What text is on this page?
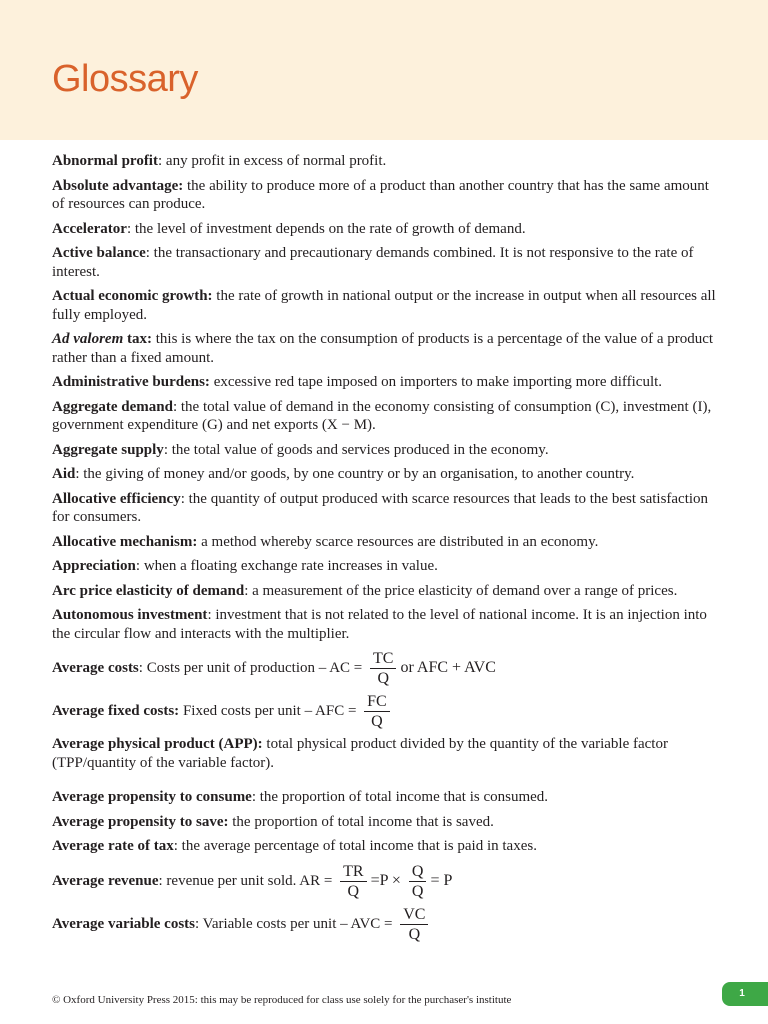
Glossary
Abnormal profit: any profit in excess of normal profit.
Absolute advantage: the ability to produce more of a product than another country that has the same amount of resources can produce.
Accelerator: the level of investment depends on the rate of growth of demand.
Active balance: the transactionary and precautionary demands combined. It is not responsive to the rate of interest.
Actual economic growth: the rate of growth in national output or the increase in output when all resources all fully employed.
Ad valorem tax: this is where the tax on the consumption of products is a percentage of the value of a product rather than a fixed amount.
Administrative burdens: excessive red tape imposed on importers to make importing more difficult.
Aggregate demand: the total value of demand in the economy consisting of consumption (C), investment (I), government expenditure (G) and net exports (X − M).
Aggregate supply: the total value of goods and services produced in the economy.
Aid: the giving of money and/or goods, by one country or by an organisation, to another country.
Allocative efficiency: the quantity of output produced with scarce resources that leads to the best satisfaction for consumers.
Allocative mechanism: a method whereby scarce resources are distributed in an economy.
Appreciation: when a floating exchange rate increases in value.
Arc price elasticity of demand: a measurement of the price elasticity of demand over a range of prices.
Autonomous investment: investment that is not related to the level of national income. It is an injection into the circular flow and interacts with the multiplier.
Average costs: Costs per unit of production – AC = $\frac{TC}{Q}$ or AFC + AVC
Average fixed costs: Fixed costs per unit – AFC = $\frac{FC}{Q}$
Average physical product (APP): total physical product divided by the quantity of the variable factor (TPP/quantity of the variable factor).
Average propensity to consume: the proportion of total income that is consumed.
Average propensity to save: the proportion of total income that is saved.
Average rate of tax: the average percentage of total income that is paid in taxes.
Average revenue: revenue per unit sold. AR = $\frac{TR}{Q} =P \times \frac{Q}{Q} = P$
Average variable costs: Variable costs per unit – AVC = $\frac{VC}{Q}$
© Oxford University Press 2015: this may be reproduced for class use solely for the purchaser's institute
1
